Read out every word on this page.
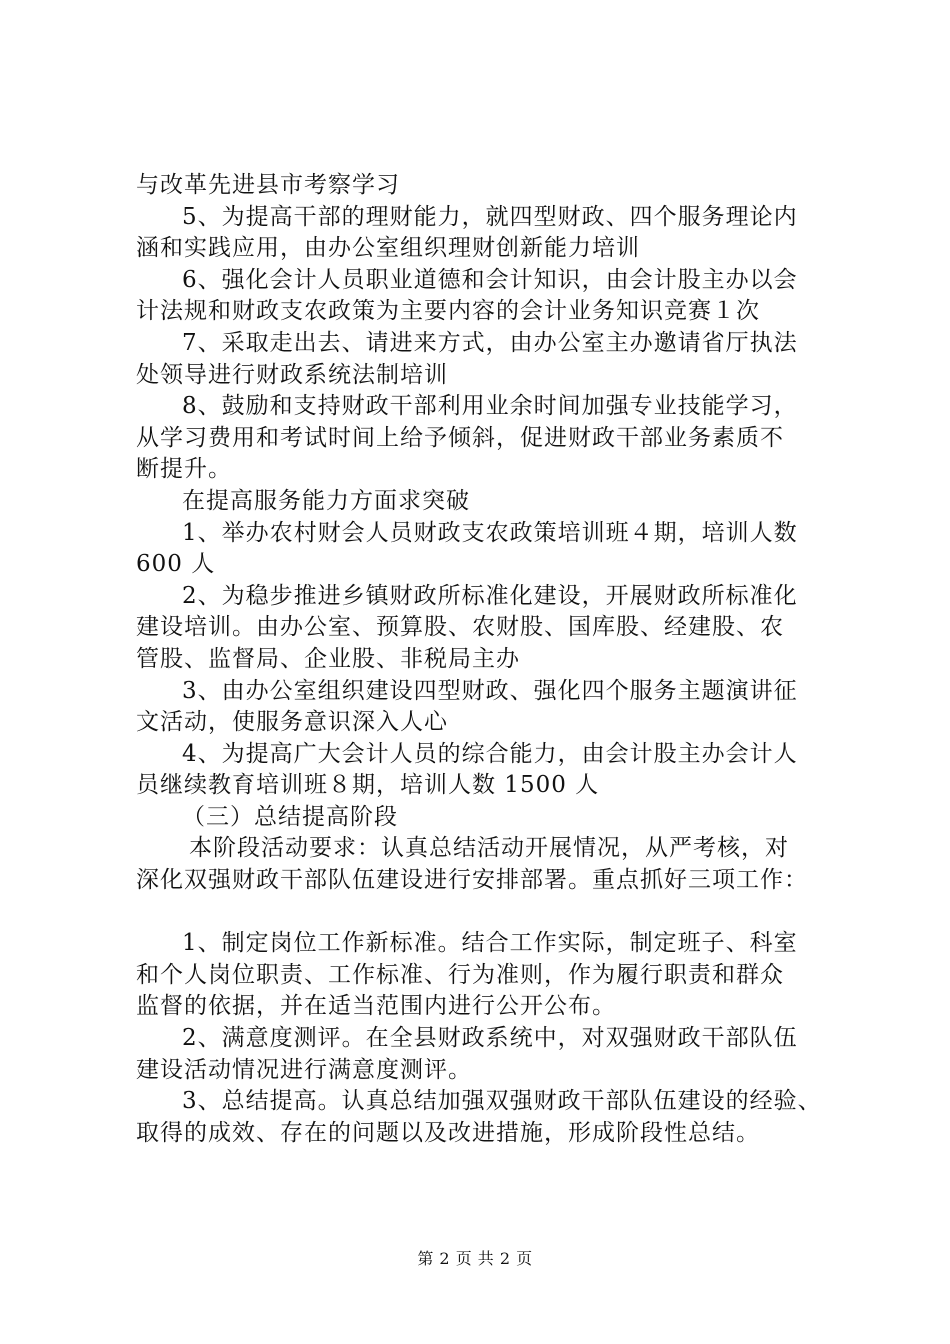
与改革先进县市考察学习
5、为提高干部的理财能力，就四型财政、四个服务理论内
涵和实践应用，由办公室组织理财创新能力培训
6、强化会计人员职业道德和会计知识，由会计股主办以会
计法规和财政支农政策为主要内容的会计业务知识竞赛１次
7、采取走出去、请进来方式，由办公室主办邀请省厅执法
处领导进行财政系统法制培训
8、鼓励和支持财政干部利用业余时间加强专业技能学习，
从学习费用和考试时间上给予倾斜，促进财政干部业务素质不
断提升。
在提高服务能力方面求突破
1、举办农村财会人员财政支农政策培训班４期，培训人数
600 人
2、为稳步推进乡镇财政所标准化建设，开展财政所标准化
建设培训。由办公室、预算股、农财股、国库股、经建股、农
管股、监督局、企业股、非税局主办
3、由办公室组织建设四型财政、强化四个服务主题演讲征
文活动，使服务意识深入人心
4、为提高广大会计人员的综合能力，由会计股主办会计人
员继续教育培训班８期，培训人数 1500 人
（三）总结提高阶段
本阶段活动要求：认真总结活动开展情况，从严考核，对
深化双强财政干部队伍建设进行安排部署。重点抓好三项工作：
1、制定岗位工作新标准。结合工作实际，制定班子、科室
和个人岗位职责、工作标准、行为准则，作为履行职责和群众
监督的依据，并在适当范围内进行公开公布。
2、满意度测评。在全县财政系统中，对双强财政干部队伍
建设活动情况进行满意度测评。
3、总结提高。认真总结加强双强财政干部队伍建设的经验、
取得的成效、存在的问题以及改进措施，形成阶段性总结。
第 2 页 共 2 页
